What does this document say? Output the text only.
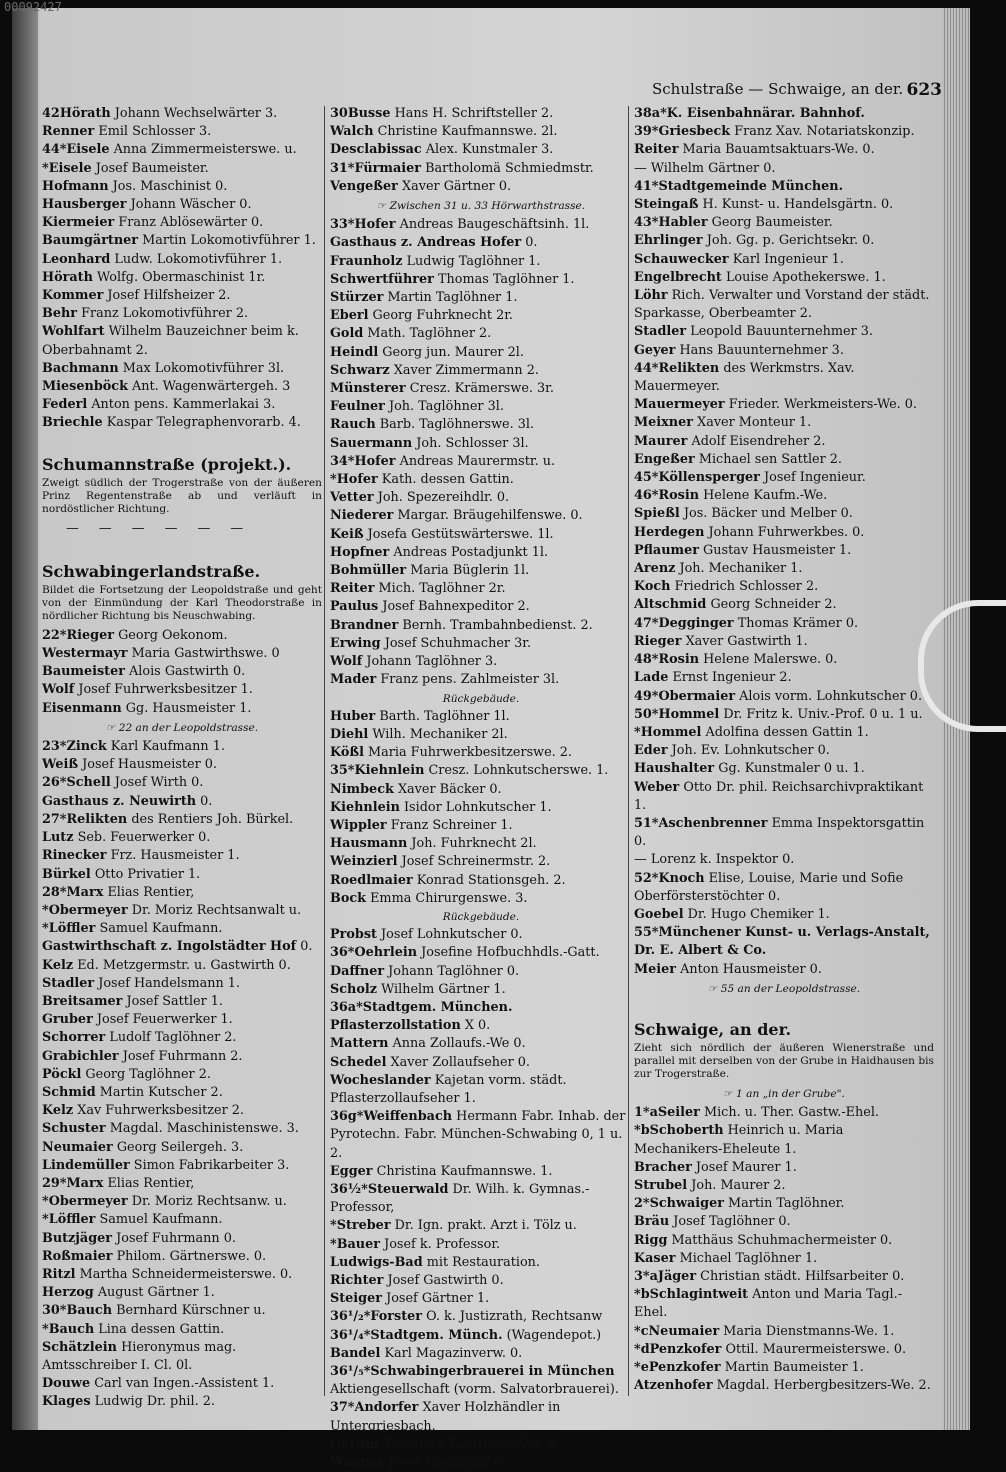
Schulstraße — Schwaige, an der. 623

42Hörath Johann Wechselwärter 3.

Renner Emil Schlosser 3.

44*Eisele Anna Zimmermeisterswe. u.

*Eisele Josef Baumeister.

Hofmann Jos. Maschinist 0.

Hausberger Johann Wäscher 0.

Kiermeier Franz Ablösewärter 0.

Baumgärtner Martin Lokomotivführer 1.

Leonhard Ludw. Lokomotivführer 1.

Hörath Wolfg. Obermaschinist 1r.

Kommer Josef Hilfsheizer 2.

Behr Franz Lokomotivführer 2.

Wohlfart Wilhelm Bauzeichner beim k. Oberbahnamt 2.

Bachmann Max Lokomotivführer 3l.

Miesenböck Ant. Wagenwärtergeh. 3

Federl Anton pens. Kammerlakai 3.

Briechle Kaspar Telegraphenvorarb. 4.

Schumannstraße (projekt.).
Zweigt südlich der Trogerstraße von der äußeren Prinz Regentenstraße ab und verläuft in nordöstlicher Richtung.
— — — — — —
Schwabingerlandstraße.
Bildet die Fortsetzung der Leopoldstraße und geht von der Einmündung der Karl Theodorstraße in nördlicher Richtung bis Neuschwabing.

22*Rieger Georg Oekonom.

Westermayr Maria Gastwirthswe. 0

Baumeister Alois Gastwirth 0.

Wolf Josef Fuhrwerksbesitzer 1.

Eisenmann Gg. Hausmeister 1.

☞ 22 an der Leopoldstrasse.

23*Zinck Karl Kaufmann 1.

Weiß Josef Hausmeister 0.

26*Schell Josef Wirth 0.

Gasthaus z. Neuwirth 0.

27*Relikten des Rentiers Joh. Bürkel.

Lutz Seb. Feuerwerker 0.

Rinecker Frz. Hausmeister 1.

Bürkel Otto Privatier 1.

28*Marx Elias Rentier,

*Obermeyer Dr. Moriz Rechtsanwalt u.

*Löffler Samuel Kaufmann.

Gastwirthschaft z. Ingolstädter Hof 0.

Kelz Ed. Metzgermstr. u. Gastwirth 0.

Stadler Josef Handelsmann 1.

Breitsamer Josef Sattler 1.

Gruber Josef Feuerwerker 1.

Schorrer Ludolf Taglöhner 2.

Grabichler Josef Fuhrmann 2.

Pöckl Georg Taglöhner 2.

Schmid Martin Kutscher 2.

Kelz Xav Fuhrwerksbesitzer 2.

Schuster Magdal. Maschinistenswe. 3.

Neumaier Georg Seilergeh. 3.

Lindemüller Simon Fabrikarbeiter 3.

29*Marx Elias Rentier,

*Obermeyer Dr. Moriz Rechtsanw. u.

*Löffler Samuel Kaufmann.

Butzjäger Josef Fuhrmann 0.

Roßmaier Philom. Gärtnerswe. 0.

Ritzl Martha Schneidermeisterswe. 0.

Herzog August Gärtner 1.

30*Bauch Bernhard Kürschner u.

*Bauch Lina dessen Gattin.

Schätzlein Hieronymus mag. Amtsschreiber I. Cl. 0l.

Douwe Carl van Ingen.-Assistent 1.

Klages Ludwig Dr. phil. 2.

30Busse Hans H. Schriftsteller 2.

Walch Christine Kaufmannswe. 2l.

Desclabissac Alex. Kunstmaler 3.

31*Fürmaier Bartholomä Schmiedmstr.

Vengeßer Xaver Gärtner 0.

☞ Zwischen 31 u. 33 Hörwarthstrasse.

33*Hofer Andreas Baugeschäftsinh. 1l.

Gasthaus z. Andreas Hofer 0.

Fraunholz Ludwig Taglöhner 1.

Schwertführer Thomas Taglöhner 1.

Stürzer Martin Taglöhner 1.

Eberl Georg Fuhrknecht 2r.

Gold Math. Taglöhner 2.

Heindl Georg jun. Maurer 2l.

Schwarz Xaver Zimmermann 2.

Münsterer Cresz. Krämerswe. 3r.

Feulner Joh. Taglöhner 3l.

Rauch Barb. Taglöhnerswe. 3l.

Sauermann Joh. Schlosser 3l.

34*Hofer Andreas Maurermstr. u.

*Hofer Kath. dessen Gattin.

Vetter Joh. Spezereihdlr. 0.

Niederer Margar. Bräugehilfenswe. 0.

Keiß Josefa Gestütswärterswe. 1l.

Hopfner Andreas Postadjunkt 1l.

Bohmüller Maria Büglerin 1l.

Reiter Mich. Taglöhner 2r.

Paulus Josef Bahnexpeditor 2.

Brandner Bernh. Trambahnbedienst. 2.

Erwing Josef Schuhmacher 3r.

Wolf Johann Taglöhner 3.

Mader Franz pens. Zahlmeister 3l.

Rückgebäude.

Huber Barth. Taglöhner 1l.

Diehl Wilh. Mechaniker 2l.

Kößl Maria Fuhrwerkbesitzerswe. 2.

35*Kiehnlein Cresz. Lohnkutscherswe. 1.

Nimbeck Xaver Bäcker 0.

Kiehnlein Isidor Lohnkutscher 1.

Wippler Franz Schreiner 1.

Hausmann Joh. Fuhrknecht 2l.

Weinzierl Josef Schreinermstr. 2.

Roedlmaier Konrad Stationsgeh. 2.

Bock Emma Chirurgenswe. 3.

Rückgebäude.

Probst Josef Lohnkutscher 0.

36*Oehrlein Josefine Hofbuchhdls.-Gatt.

Daffner Johann Taglöhner 0.

Scholz Wilhelm Gärtner 1.

36a*Stadtgem. München.

Pflasterzollstation X 0.

Mattern Anna Zollaufs.-We 0.

Schedel Xaver Zollaufseher 0.

Wocheslander Kajetan vorm. städt. Pflasterzollaufseher 1.

36g*Weiffenbach Hermann Fabr. Inhab. der Pyrotechn. Fabr. München-Schwabing 0, 1 u. 2.

Egger Christina Kaufmannswe. 1.

36½*Steuerwald Dr. Wilh. k. Gymnas.-Professor,

*Streber Dr. Ign. prakt. Arzt i. Tölz u.

*Bauer Josef k. Professor.

Ludwigs-Bad mit Restauration.

Richter Josef Gastwirth 0.

Steiger Josef Gärtner 1.

36¹/₂*Forster O. k. Justizrath, Rechtsanw

36¹/₄*Stadtgem. Münch. (Wagendepot.)

Bandel Karl Magazinverw. 0.

36¹/₅*Schwabingerbrauerei in München Aktiengesellschaft (vorm. Salvatorbrauerei).

37*Andorfer Xaver Holzhändler in Untergriesbach.

Gerum Theodora Fabrikarb.-We. 0.

Wagner Josef Taglöhner 0.

38a*K. Eisenbahnärar. Bahnhof.

39*Griesbeck Franz Xav. Notariatskonzip.

Reiter Maria Bauamtsaktuars-We. 0.

— Wilhelm Gärtner 0.

41*Stadtgemeinde München.

Steingaß H. Kunst- u. Handelsgärtn. 0.

43*Habler Georg Baumeister.

Ehrlinger Joh. Gg. p. Gerichtsekr. 0.

Schauwecker Karl Ingenieur 1.

Engelbrecht Louise Apothekerswe. 1.

Löhr Rich. Verwalter und Vorstand der städt. Sparkasse, Oberbeamter 2.

Stadler Leopold Bauunternehmer 3.

Geyer Hans Bauunternehmer 3.

44*Relikten des Werkmstrs. Xav. Mauermeyer.

Mauermeyer Frieder. Werkmeisters-We. 0.

Meixner Xaver Monteur 1.

Maurer Adolf Eisendreher 2.

Engeßer Michael sen Sattler 2.

45*Köllensperger Josef Ingenieur.

46*Rosin Helene Kaufm.-We.

Spießl Jos. Bäcker und Melber 0.

Herdegen Johann Fuhrwerkbes. 0.

Pflaumer Gustav Hausmeister 1.

Arenz Joh. Mechaniker 1.

Koch Friedrich Schlosser 2.

Altschmid Georg Schneider 2.

47*Degginger Thomas Krämer 0.

Rieger Xaver Gastwirth 1.

48*Rosin Helene Malerswe. 0.

Lade Ernst Ingenieur 2.

49*Obermaier Alois vorm. Lohnkutscher 0.

50*Hommel Dr. Fritz k. Univ.-Prof. 0 u. 1 u.

*Hommel Adolfina dessen Gattin 1.

Eder Joh. Ev. Lohnkutscher 0.

Haushalter Gg. Kunstmaler 0 u. 1.

Weber Otto Dr. phil. Reichsarchivpraktikant 1.

51*Aschenbrenner Emma Inspektorsgattin 0.

— Lorenz k. Inspektor 0.

52*Knoch Elise, Louise, Marie und Sofie Oberförsterstöchter 0.

Goebel Dr. Hugo Chemiker 1.

55*Münchener Kunst- u. Verlags-Anstalt, Dr. E. Albert & Co.

Meier Anton Hausmeister 0.

☞ 55 an der Leopoldstrasse.
Schwaige, an der.
Zieht sich nördlich der äußeren Wienerstraße und parallel mit derselben von der Grube in Haidhausen bis zur Trogerstraße.
☞ 1 an „in der Grube".

1*aSeiler Mich. u. Ther. Gastw.-Ehel.

*bSchoberth Heinrich u. Maria Mechanikers-Eheleute 1.

Bracher Josef Maurer 1.

Strubel Joh. Maurer 2.

2*Schwaiger Martin Taglöhner.

Bräu Josef Taglöhner 0.

Rigg Matthäus Schuhmachermeister 0.

Kaser Michael Taglöhner 1.

3*aJäger Christian städt. Hilfsarbeiter 0.

*bSchlagintweit Anton und Maria Tagl.-Ehel.

*cNeumaier Maria Dienstmanns-We. 1.

*dPenzkofer Ottil. Maurermeisterswe. 0.

*ePenzkofer Martin Baumeister 1.

Atzenhofer Magdal. Herbergbesitzers-We. 2.

00092427
